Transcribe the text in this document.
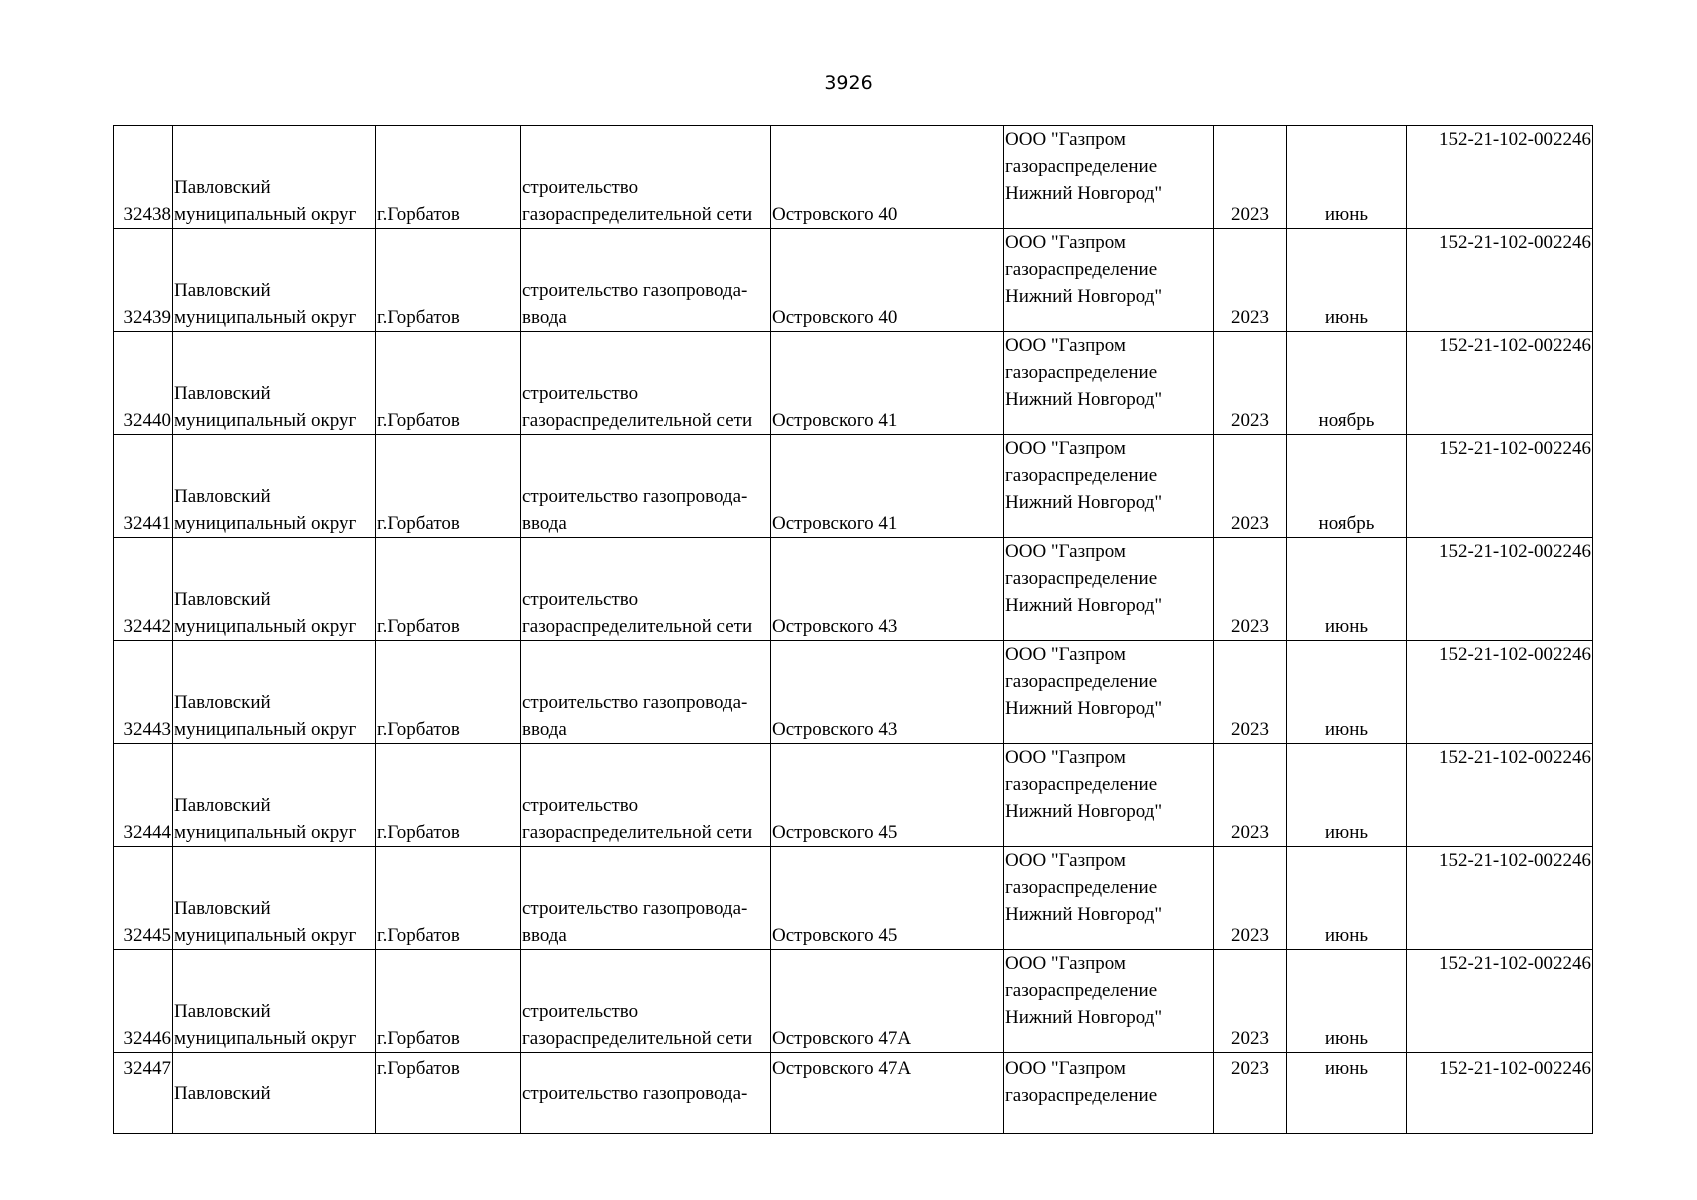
3926
32438	Павловский
муниципальный округ	г.Горбатов	строительство
газораспределительной сети	Островского 40	ООО "Газпром
газораспределение
Нижний Новгород"	2023	июнь	152-21-102-002246
32439	Павловский
муниципальный округ	г.Горбатов	строительство газопровода-
ввода	Островского 40	ООО "Газпром
газораспределение
Нижний Новгород"	2023	июнь	152-21-102-002246
32440	Павловский
муниципальный округ	г.Горбатов	строительство
газораспределительной сети	Островского 41	ООО "Газпром
газораспределение
Нижний Новгород"	2023	ноябрь	152-21-102-002246
32441	Павловский
муниципальный округ	г.Горбатов	строительство газопровода-
ввода	Островского 41	ООО "Газпром
газораспределение
Нижний Новгород"	2023	ноябрь	152-21-102-002246
32442	Павловский
муниципальный округ	г.Горбатов	строительство
газораспределительной сети	Островского 43	ООО "Газпром
газораспределение
Нижний Новгород"	2023	июнь	152-21-102-002246
32443	Павловский
муниципальный округ	г.Горбатов	строительство газопровода-
ввода	Островского 43	ООО "Газпром
газораспределение
Нижний Новгород"	2023	июнь	152-21-102-002246
32444	Павловский
муниципальный округ	г.Горбатов	строительство
газораспределительной сети	Островского 45	ООО "Газпром
газораспределение
Нижний Новгород"	2023	июнь	152-21-102-002246
32445	Павловский
муниципальный округ	г.Горбатов	строительство газопровода-
ввода	Островского 45	ООО "Газпром
газораспределение
Нижний Новгород"	2023	июнь	152-21-102-002246
32446	Павловский
муниципальный округ	г.Горбатов	строительство
газораспределительной сети	Островского 47А	ООО "Газпром
газораспределение
Нижний Новгород"	2023	июнь	152-21-102-002246
32447	Павловский	г.Горбатов	строительство газопровода-	Островского 47А	ООО "Газпром
газораспределение	2023	июнь	152-21-102-002246
